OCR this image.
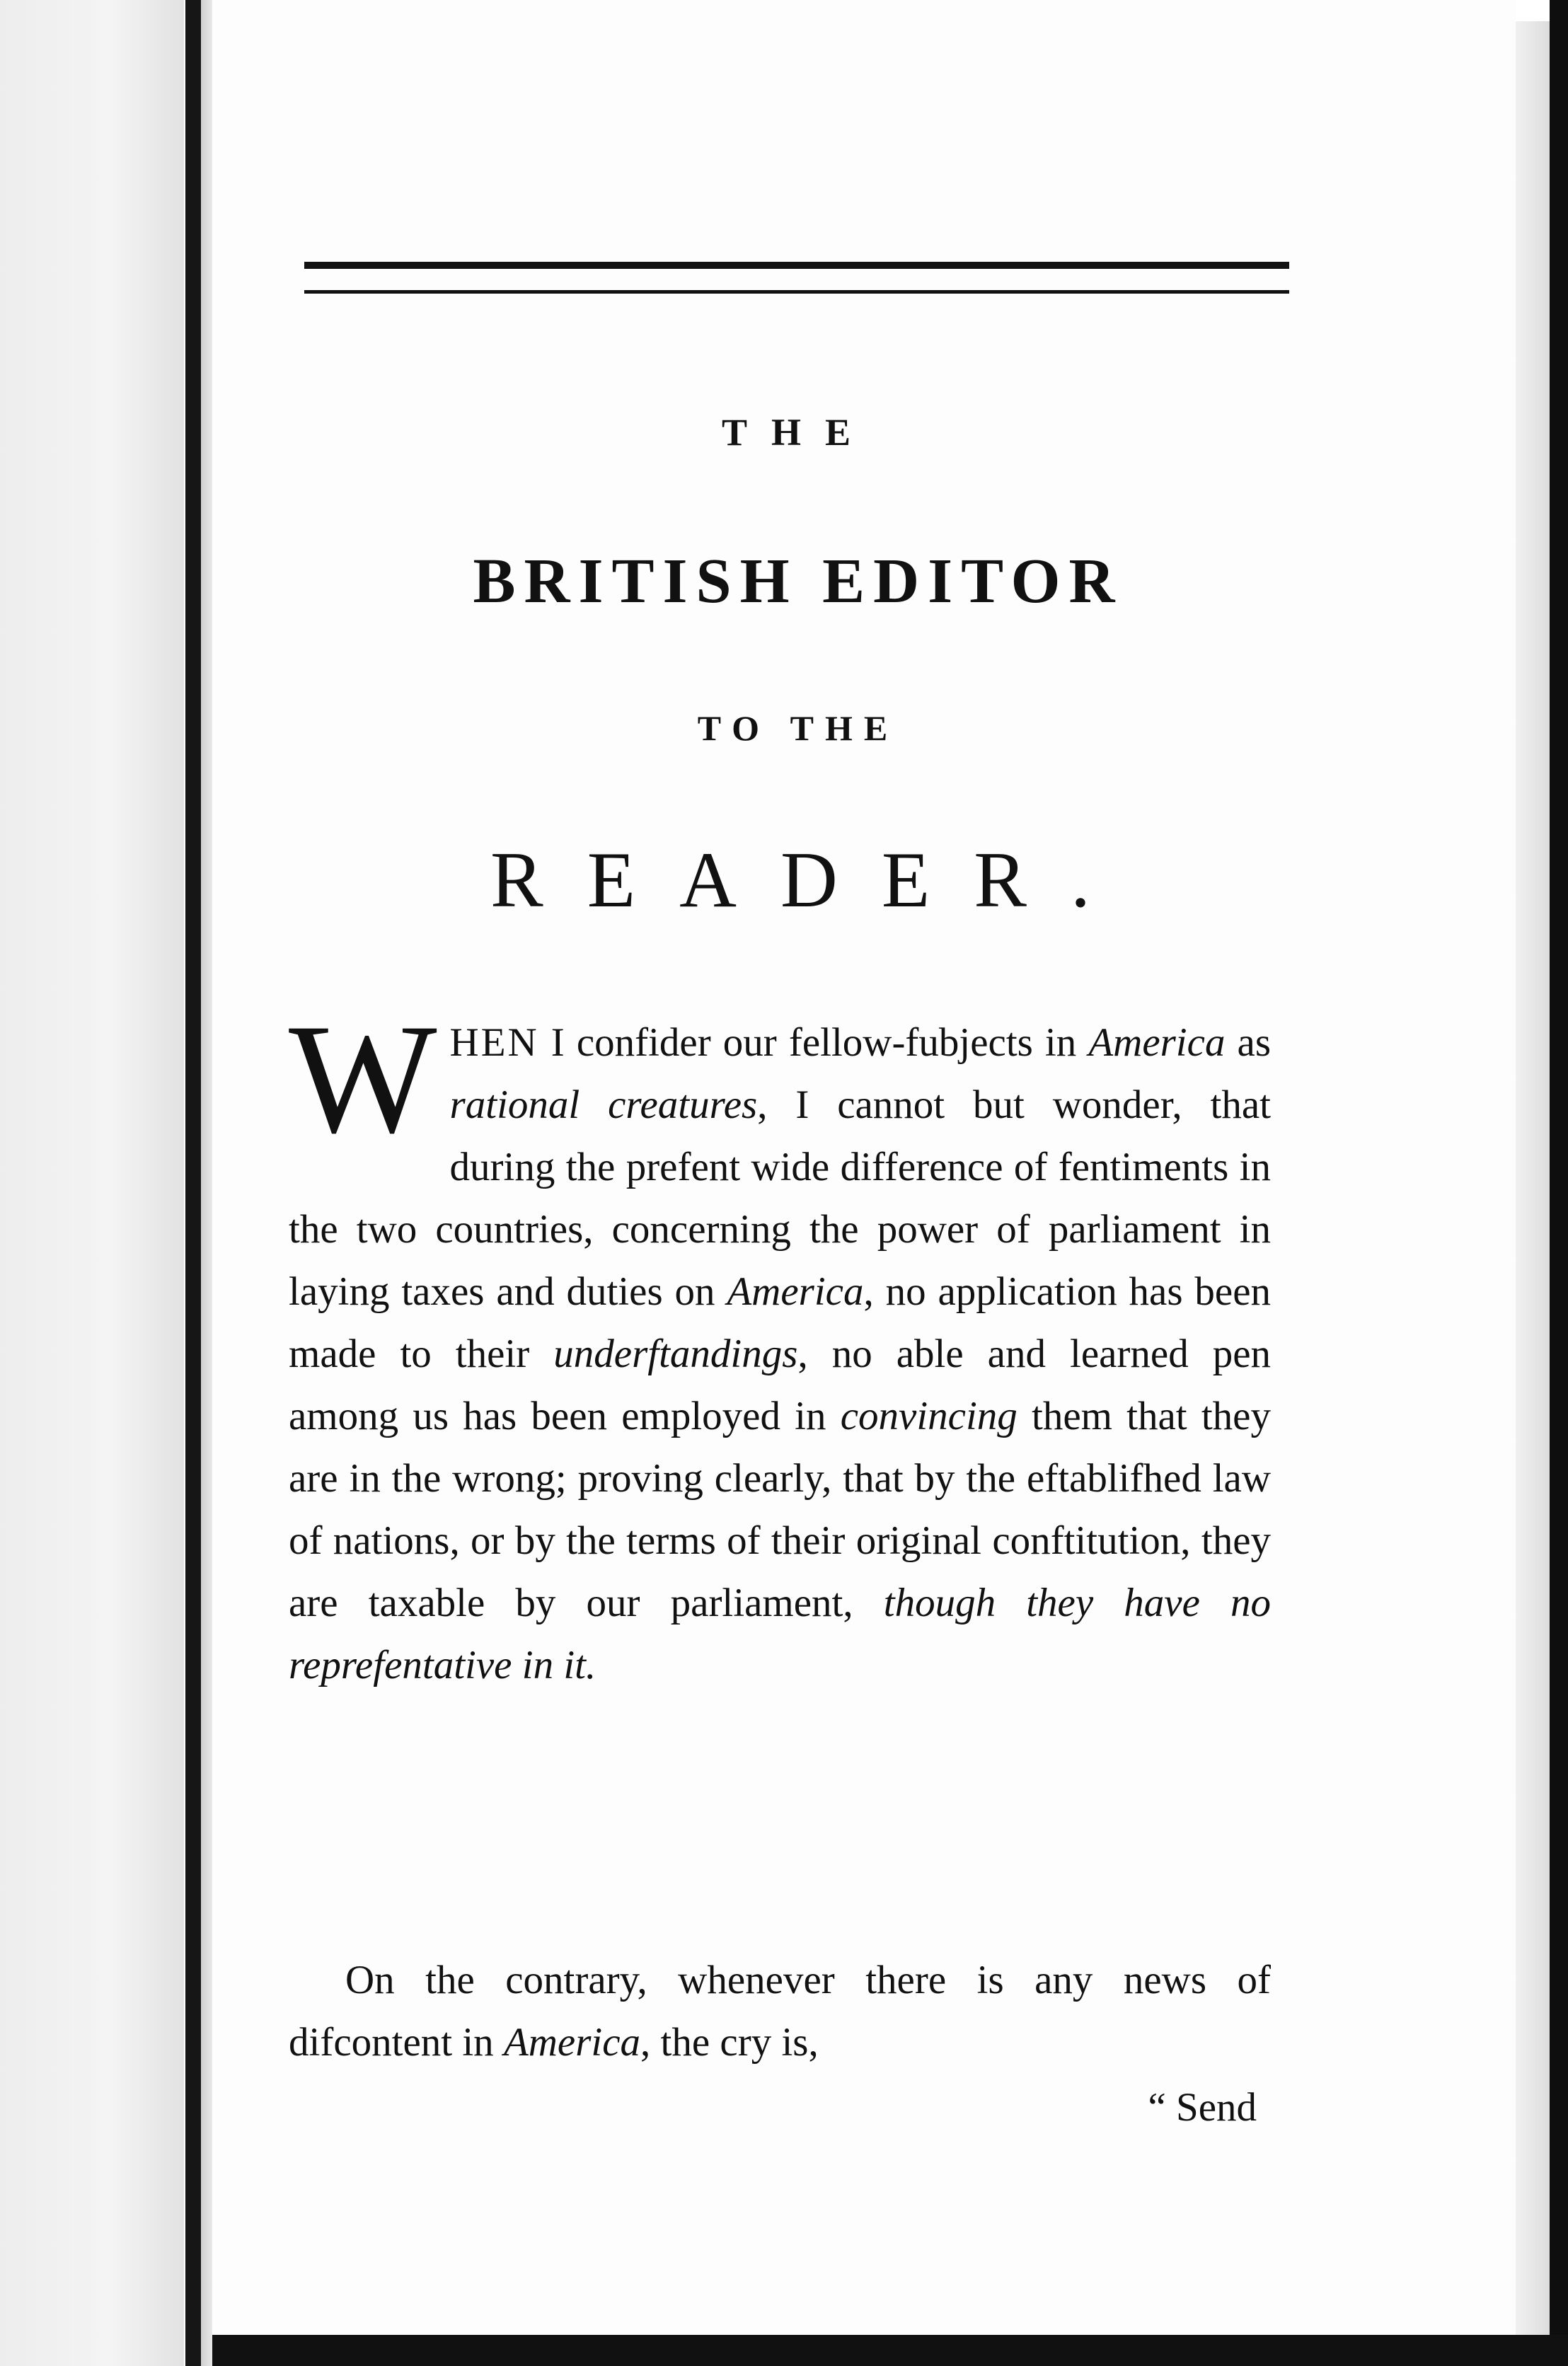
THE
BRITISH EDITOR
TO THE
READER.
WHEN I confider our fellow-fubjects in America as rational creatures, I cannot but wonder, that during the prefent wide difference of fentiments in the two countries, concerning the power of parliament in laying taxes and duties on America, no application has been made to their underftandings, no able and learned pen among us has been employed in convincing them that they are in the wrong; proving clearly, that by the eftablifhed law of nations, or by the terms of their original conftitution, they are taxable by our parliament, though they have no reprefentative in it.
On the contrary, whenever there is any news of difcontent in America, the cry is,
“ Send
